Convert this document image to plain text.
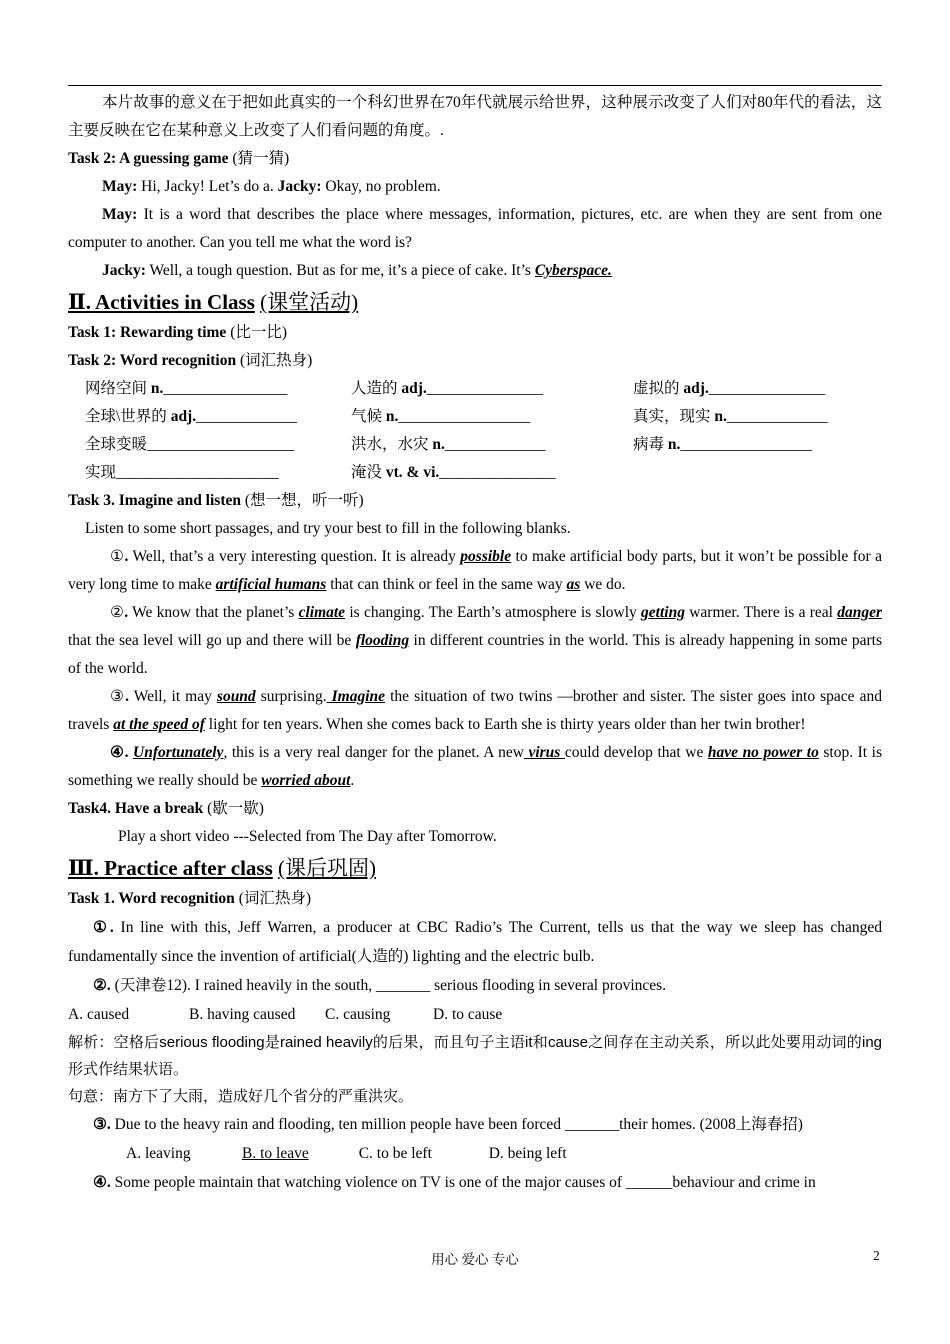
本片故事的意义在于把如此真实的一个科幻世界在70年代就展示给世界，这种展示改变了人们对80年代的看法，这主要反映在它在某种意义上改变了人们看问题的角度。.

Task 2: A guessing game (猜一猜)

May: Hi, Jacky! Let’s do a. Jacky: Okay, no problem.

May: It is a word that describes the place where messages, information, pictures, etc. are when they are sent from one computer to another. Can you tell me what the word is?

Jacky: Well, a tough question. But as for me, it’s a piece of cake. It’s Cyberspace.

Ⅱ. Activities in Class (课堂活动)

Task 1: Rewarding time (比一比)

Task 2: Word recognition (词汇热身)

网络空间 n.________________	人造的 adj._______________	虚拟的 adj._______________
全球\世界的 adj._____________	气候 n._________________	真实，现实 n._____________
全球变暖___________________	洪水，水灾 n._____________	病毒 n._________________
实现_____________________	淹没 vt. & vi._______________

Task 3. Imagine and listen (想一想，听一听)

Listen to some short passages, and try your best to fill in the following blanks.

①. Well, that’s a very interesting question. It is already possible to make artificial body parts, but it won’t be possible for a very long time to make artificial humans that can think or feel in the same way as we do.

②. We know that the planet’s climate is changing. The Earth’s atmosphere is slowly getting warmer. There is a real danger that the sea level will go up and there will be flooding in different countries in the world. This is already happening in some parts of the world.

③. Well, it may sound surprising. Imagine the situation of two twins —brother and sister. The sister goes into space and travels at the speed of light for ten years. When she comes back to Earth she is thirty years older than her twin brother!

④. Unfortunately, this is a very real danger for the planet. A new virus could develop that we have no power to stop. It is something we really should be worried about.

Task4. Have a break (歇一歇)

Play a short video ---Selected from The Day after Tomorrow.

Ⅲ. Practice after class (课后巩固)

Task 1. Word recognition (词汇热身)

①. In line with this, Jeff Warren, a producer at CBC Radio’s The Current, tells us that the way we sleep has changed fundamentally since the invention of artificial(人造的) lighting and the electric bulb.

②. (天津卷12). I rained heavily in the south, _______ serious flooding in several provinces.

A. caused	B. having caused C. causing	D. to cause

解析：空格后serious flooding是rained heavily的后果，而且句子主语it和cause之间存在主动关系，所以此处要用动词的ing形式作结果状语。

句意：南方下了大雨，造成好几个省分的严重洪灾。

③. Due to the heavy rain and flooding, ten million people have been forced _______their homes. (2008上海春招)

A. leaving	B. to leave	C. to be left	D. being left

④. Some people maintain that watching violence on TV is one of the major causes of ______behaviour and crime in

用心 爱心 专心	2
